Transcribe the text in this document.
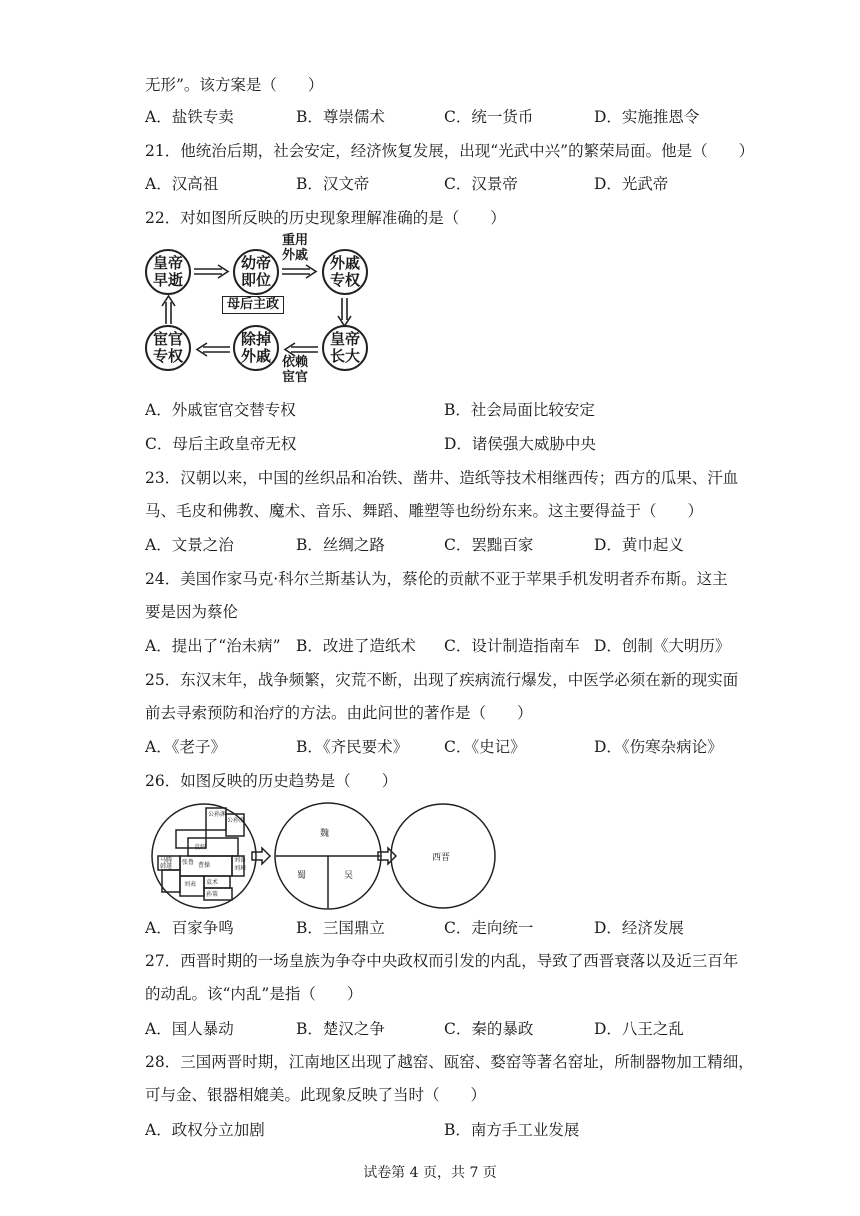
无形”。该方案是（　　）
21．他统治后期，社会安定，经济恢复发展，出现“光武中兴”的繁荣局面。他是（　　）
22．对如图所反映的历史现象理解准确的是（　　）
23．汉朝以来，中国的丝织品和冶铁、凿井、造纸等技术相继西传；西方的瓜果、汗血
马、毛皮和佛教、魔术、音乐、舞蹈、雕塑等也纷纷东来。这主要得益于（　　）
24．美国作家马克·科尔兰斯基认为，蔡伦的贡献不亚于苹果手机发明者乔布斯。这主
要是因为蔡伦
25．东汉末年，战争频繁，灾荒不断，出现了疾病流行爆发，中医学必须在新的现实面
前去寻索预防和治疗的方法。由此问世的著作是（　　）
26．如图反映的历史趋势是（　　）
27．西晋时期的一场皇族为争夺中央政权而引发的内乱，导致了西晋衰落以及近三百年
的动乱。该“内乱”是指（　　）
28．三国两晋时期，江南地区出现了越窑、瓯窑、婺窑等著名窑址，所制器物加工精细，
可与金、银器相媲美。此现象反映了当时（　　）
A．盐铁专卖	B．尊崇儒术	C．统一货币	D．实施推恩令
A．汉高祖	B．汉文帝	C．汉景帝	D．光武帝
A．外戚宦官交替专权	B．社会局面比较安定
C．母后主政皇帝无权	D．诸侯强大威胁中央
A．文景之治	B．丝绸之路	C．罢黜百家	D．黄巾起义
A．提出了“治未病” B．改进了造纸术 C．设计制造指南车 D．创制《大明历》
A．《老子》	B．《齐民要术》 C．《史记》	D．《伤寒杂病论》
A．百家争鸣	B．三国鼎立	C．走向统一	D．经济发展
A．国人暴动	B．楚汉之争	C．秦的暴政	D．八王之乱
A．政权分立加剧	B．南方手工业发展
皇帝
早逝
幼帝
即位
外戚
专权
皇帝
长大
除掉
外戚
宦官
专权
重用
外戚
母后主政
依赖
宦官
公孙渊
公孙度
袁绍
马腾
韩遂
张鲁 曹操
刘备
刘璋
刘表 袁术
孙策
魏
蜀	吴
西晋
试卷第 4 页，共 7 页
